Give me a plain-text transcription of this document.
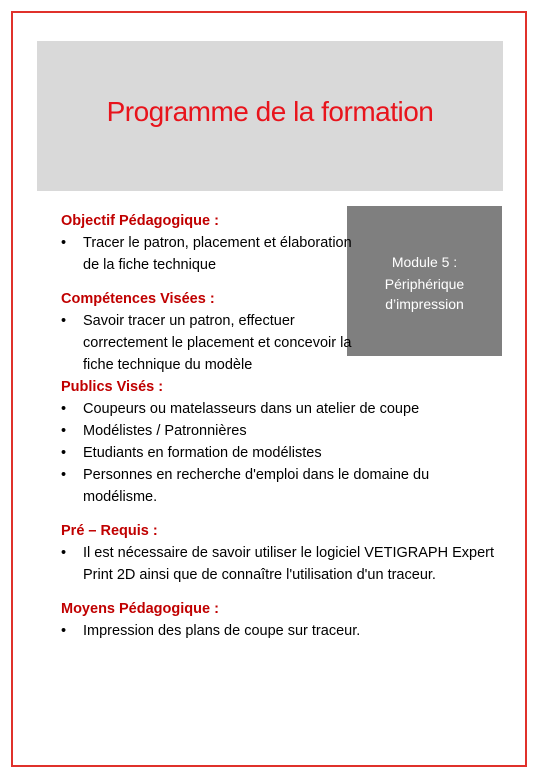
Programme de la formation
Module 5 :
Périphérique
d’impression
Objectif Pédagogique :
• Tracer le patron, placement et élaboration de la fiche technique
Compétences Visées :
• Savoir tracer un patron, effectuer correctement le placement et concevoir la fiche technique du modèle
Publics Visés :
• Coupeurs ou matelasseurs dans un atelier de coupe
• Modélistes / Patronnières
• Etudiants en formation de modélistes
• Personnes en recherche d'emploi dans le domaine du modélisme.
Pré – Requis :
• Il est nécessaire de savoir utiliser le logiciel VETIGRAPH Expert Print 2D ainsi que de connaître l'utilisation d'un traceur.
Moyens Pédagogique :
• Impression des plans de coupe sur traceur.
